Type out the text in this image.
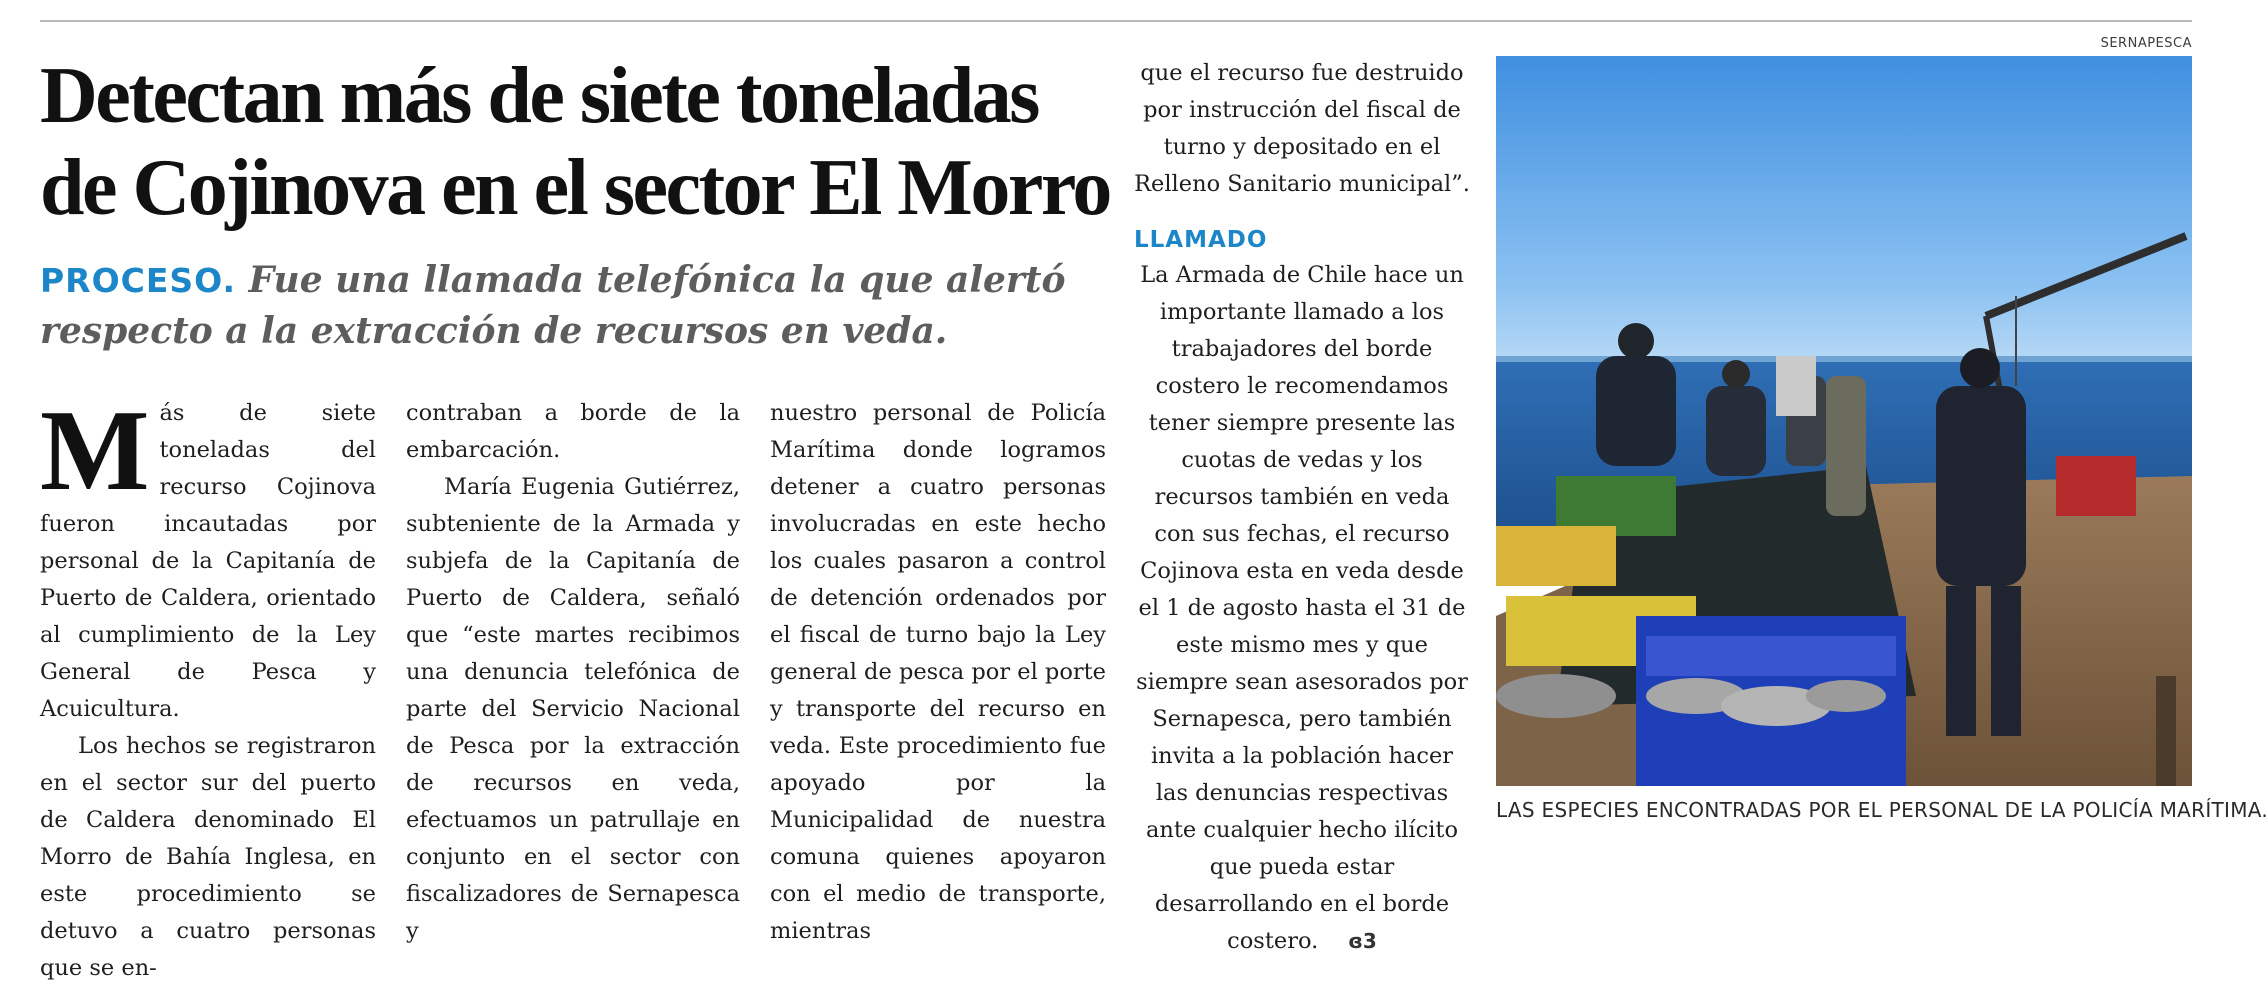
Detectan más de siete toneladas
de Cojinova en el sector El Morro
PROCESO. Fue una llamada telefónica la que alertó respecto a la extracción de recursos en veda.
M ás de siete toneladas del recurso Cojinova fueron incautadas por personal de la Capitanía de Puerto de Caldera, orientado al cumplimiento de la Ley General de Pesca y Acuicultura.

Los hechos se registraron en el sector sur del puerto de Caldera denominado El Morro de Bahía Inglesa, en este procedimiento se detuvo a cuatro personas que se en-

contraban a borde de la embarcación.

María Eugenia Gutiérrez, subteniente de la Armada y subjefa de la Capitanía de Puerto de Caldera, señaló que “este martes recibimos una denuncia telefónica de parte del Servicio Nacional de Pesca por la extracción de recursos en veda, efectuamos un patrullaje en conjunto en el sector con fiscalizadores de Sernapesca y

nuestro personal de Policía Marítima donde logramos detener a cuatro personas involucradas en este hecho los cuales pasaron a control de detención ordenados por el fiscal de turno bajo la Ley general de pesca por el porte y transporte del recurso en veda. Este procedimiento fue apoyado por la Municipalidad de nuestra comuna quienes apoyaron con el medio de transporte, mientras

que el recurso fue destruido por instrucción del fiscal de turno y depositado en el Relleno Sanitario municipal”.

LLAMADO

La Armada de Chile hace un importante llamado a los trabajadores del borde costero le recomendamos tener siempre presente las cuotas de vedas y los recursos también en veda con sus fechas, el recurso Cojinova esta en veda desde el 1 de agosto hasta el 31 de este mismo mes y que siempre sean asesorados por Sernapesca, pero también invita a la población hacer las denuncias respectivas ante cualquier hecho ilícito que pueda estar desarrollando en el borde costero. ɞ3

SERNAPESCA
LAS ESPECIES ENCONTRADAS POR EL PERSONAL DE LA POLICÍA MARÍTIMA.
